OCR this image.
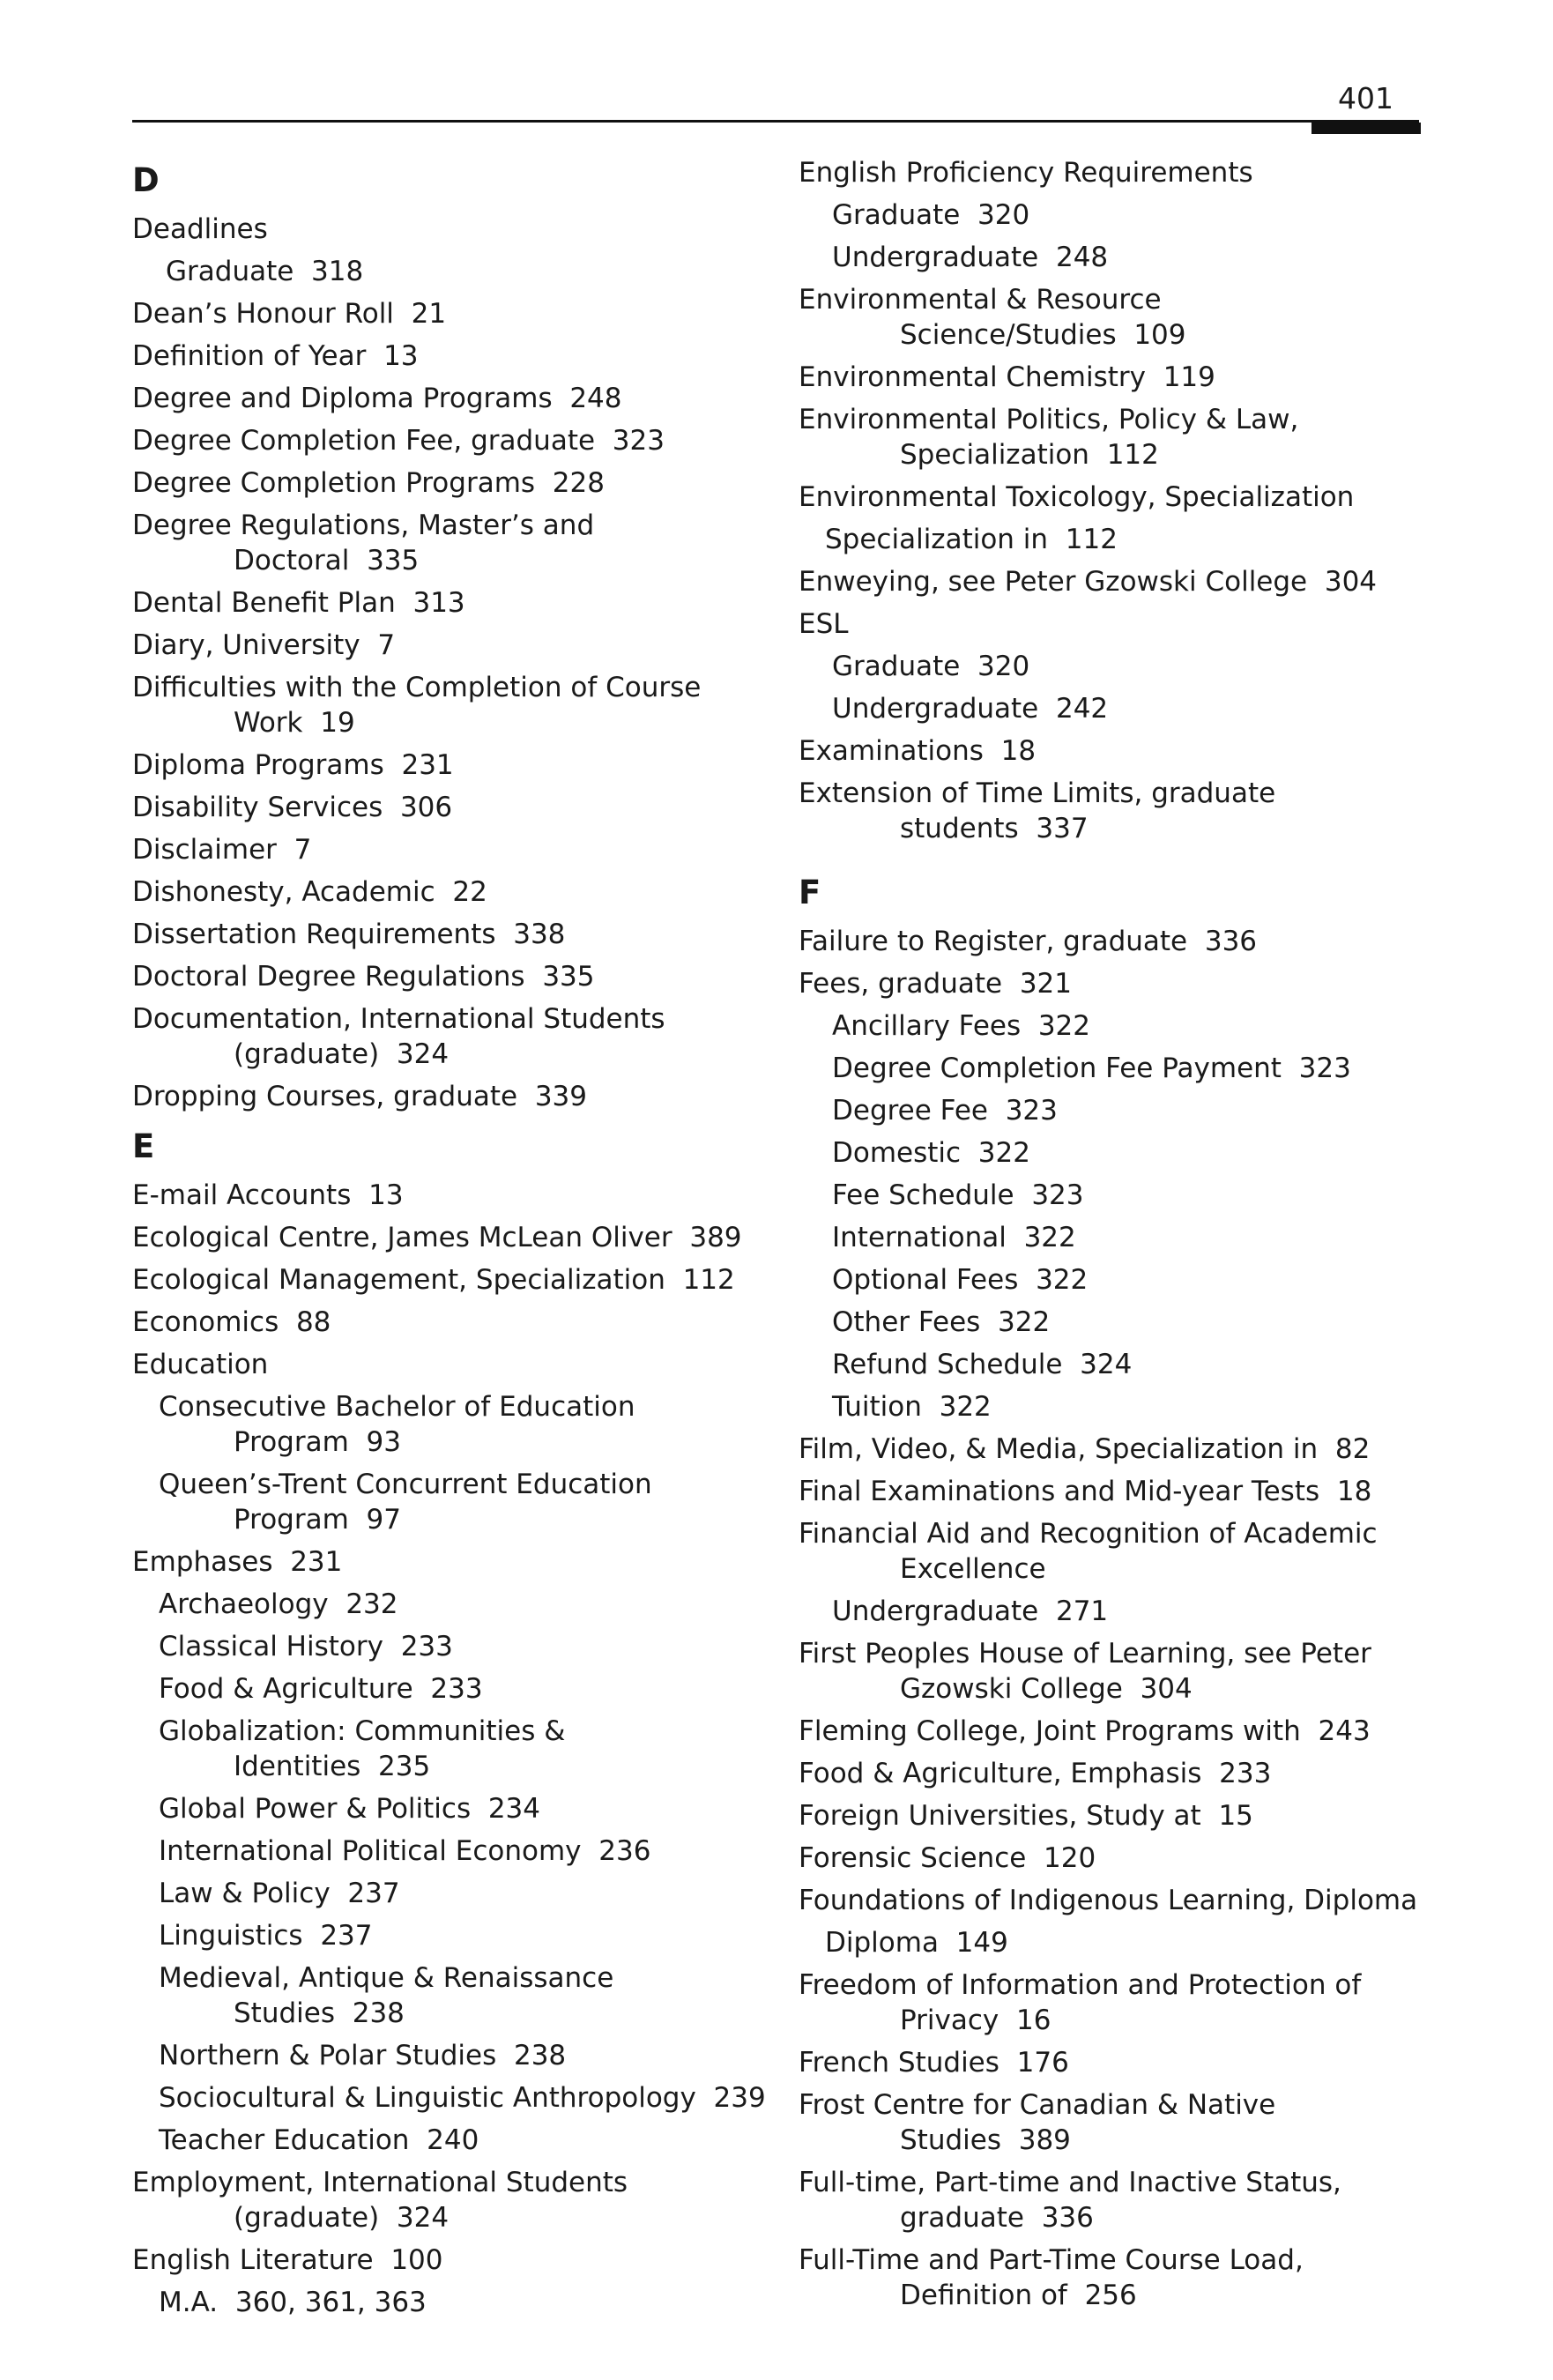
401
D
Deadlines
Graduate 318
Dean’s Honour Roll 21
Definition of Year 13
Degree and Diploma Programs 248
Degree Completion Fee, graduate 323
Degree Completion Programs 228
Degree Regulations, Master’s and Doctoral 335
Dental Benefit Plan 313
Diary, University 7
Difficulties with the Completion of Course Work 19
Diploma Programs 231
Disability Services 306
Disclaimer 7
Dishonesty, Academic 22
Dissertation Requirements 338
Doctoral Degree Regulations 335
Documentation, International Students (graduate) 324
Dropping Courses, graduate 339
E
E-mail Accounts 13
Ecological Centre, James McLean Oliver 389
Ecological Management, Specialization 112
Economics 88
Education
Consecutive Bachelor of Education Program 93
Queen’s-Trent Concurrent Education Program 97
Emphases 231
Archaeology 232
Classical History 233
Food & Agriculture 233
Globalization: Communities & Identities 235
Global Power & Politics 234
International Political Economy 236
Law & Policy 237
Linguistics 237
Medieval, Antique & Renaissance Studies 238
Northern & Polar Studies 238
Sociocultural & Linguistic Anthropology 239
Teacher Education 240
Employment, International Students (graduate) 324
English Literature 100
M.A. 360, 361, 363
English Proficiency Requirements
Graduate 320
Undergraduate 248
Environmental & Resource Science/Studies 109
Environmental Chemistry 119
Environmental Politics, Policy & Law, Specialization 112
Environmental Toxicology, Specialization
Specialization in 112
Enweying, see Peter Gzowski College 304
ESL
Graduate 320
Undergraduate 242
Examinations 18
Extension of Time Limits, graduate students 337
F
Failure to Register, graduate 336
Fees, graduate 321
Ancillary Fees 322
Degree Completion Fee Payment 323
Degree Fee 323
Domestic 322
Fee Schedule 323
International 322
Optional Fees 322
Other Fees 322
Refund Schedule 324
Tuition 322
Film, Video, & Media, Specialization in 82
Final Examinations and Mid-year Tests 18
Financial Aid and Recognition of Academic Excellence
Undergraduate 271
First Peoples House of Learning, see Peter Gzowski College 304
Fleming College, Joint Programs with 243
Food & Agriculture, Emphasis 233
Foreign Universities, Study at 15
Forensic Science 120
Foundations of Indigenous Learning, Diploma
Diploma 149
Freedom of Information and Protection of Privacy 16
French Studies 176
Frost Centre for Canadian & Native Studies 389
Full-time, Part-time and Inactive Status, graduate 336
Full-Time and Part-Time Course Load, Definition of 256
